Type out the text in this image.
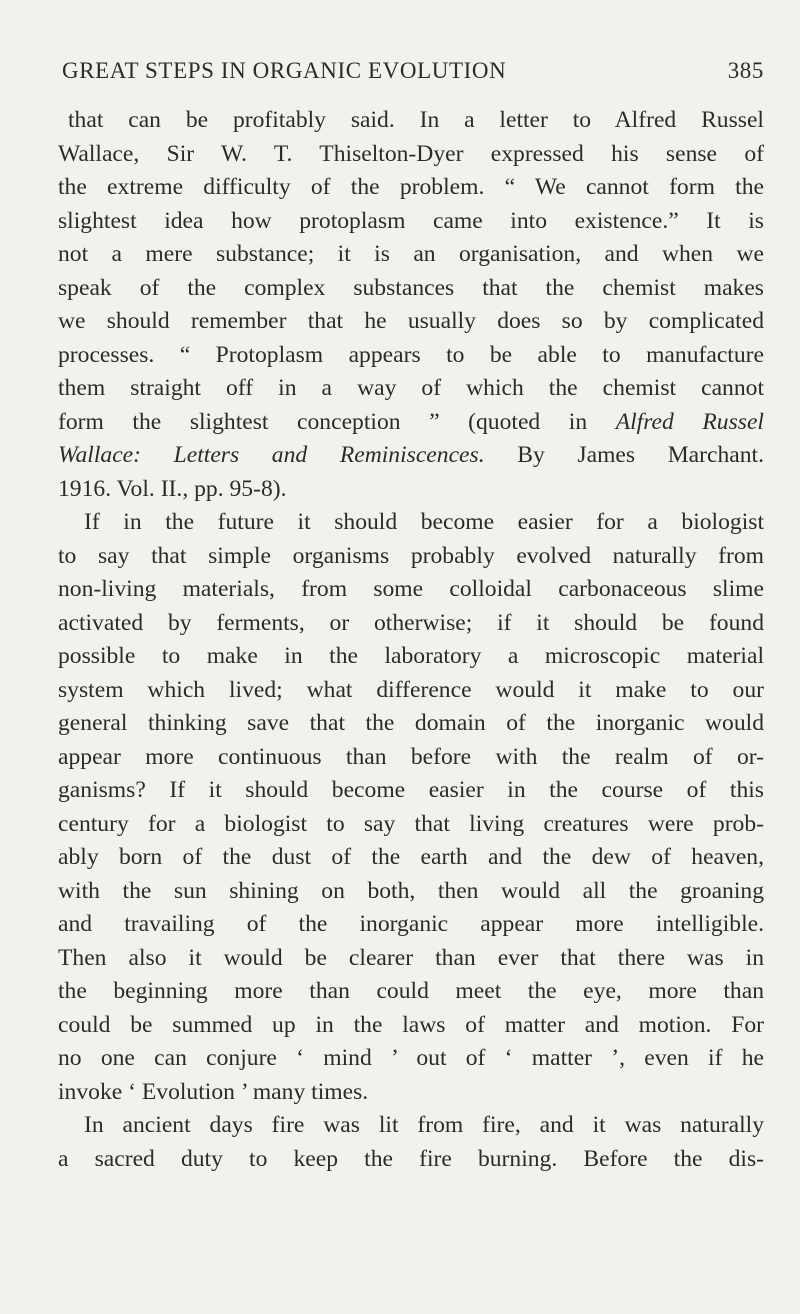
GREAT STEPS IN ORGANIC EVOLUTION	385
that can be profitably said. In a letter to Alfred Russel
Wallace, Sir W. T. Thiselton-Dyer expressed his sense of
the extreme difficulty of the problem. “ We cannot form the
slightest idea how protoplasm came into existence.” It is
not a mere substance; it is an organisation, and when we
speak of the complex substances that the chemist makes
we should remember that he usually does so by complicated
processes. “ Protoplasm appears to be able to manufacture
them straight off in a way of which the chemist cannot
form the slightest conception ” (quoted in Alfred Russel
Wallace: Letters and Reminiscences. By James Marchant.
1916. Vol. II., pp. 95-8).
If in the future it should become easier for a biologist
to say that simple organisms probably evolved naturally from
non-living materials, from some colloidal carbonaceous slime
activated by ferments, or otherwise; if it should be found
possible to make in the laboratory a microscopic material
system which lived; what difference would it make to our
general thinking save that the domain of the inorganic would
appear more continuous than before with the realm of or-
ganisms? If it should become easier in the course of this
century for a biologist to say that living creatures were prob-
ably born of the dust of the earth and the dew of heaven,
with the sun shining on both, then would all the groaning
and travailing of the inorganic appear more intelligible.
Then also it would be clearer than ever that there was in
the beginning more than could meet the eye, more than
could be summed up in the laws of matter and motion. For
no one can conjure ‘ mind ’ out of ‘ matter ’, even if he
invoke ‘ Evolution ’ many times.
In ancient days fire was lit from fire, and it was naturally
a sacred duty to keep the fire burning. Before the dis-
